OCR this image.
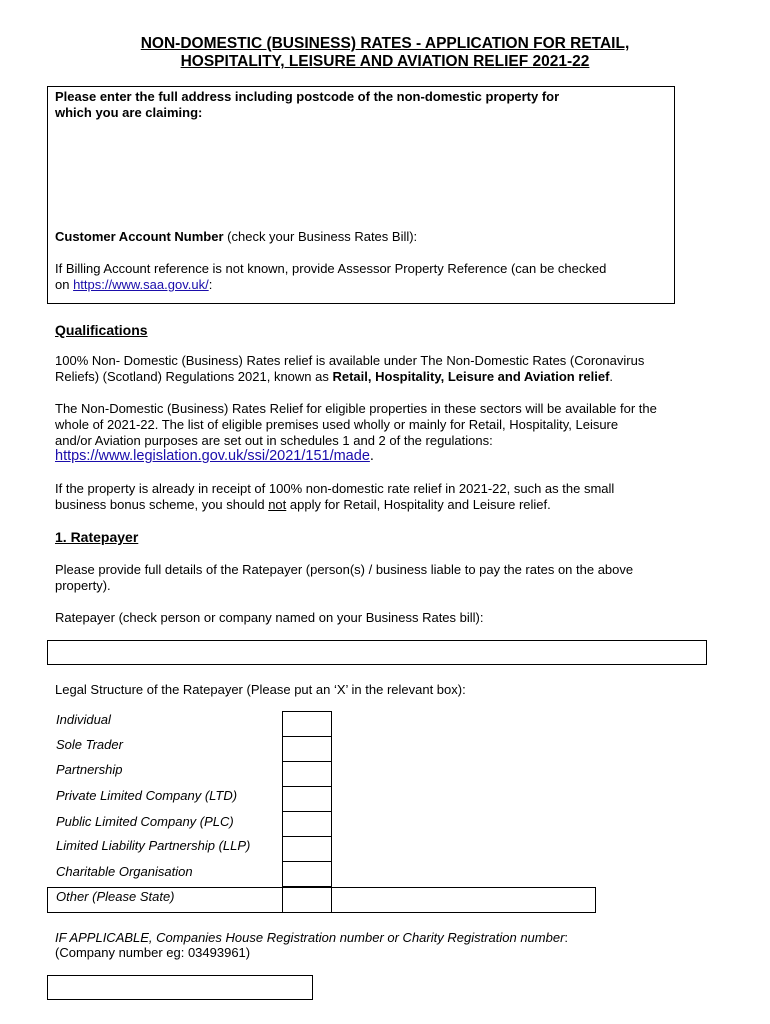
NON-DOMESTIC (BUSINESS) RATES - APPLICATION FOR RETAIL,
HOSPITALITY, LEISURE AND AVIATION RELIEF 2021-22
Please enter the full address including postcode of the non-domestic property for
which you are claiming:
Customer Account Number (check your Business Rates Bill):
If Billing Account reference is not known, provide Assessor Property Reference (can be checked
on https://www.saa.gov.uk/:
Qualifications
100% Non- Domestic (Business) Rates relief is available under The Non-Domestic Rates (Coronavirus
Reliefs) (Scotland) Regulations 2021, known as Retail, Hospitality, Leisure and Aviation relief.
The Non-Domestic (Business) Rates Relief for eligible properties in these sectors will be available for the
whole of 2021-22. The list of eligible premises used wholly or mainly for Retail, Hospitality, Leisure
and/or Aviation purposes are set out in schedules 1 and 2 of the regulations:
https://www.legislation.gov.uk/ssi/2021/151/made.
If the property is already in receipt of 100% non-domestic rate relief in 2021-22, such as the small
business bonus scheme, you should not apply for Retail, Hospitality and Leisure relief.
1. Ratepayer
Please provide full details of the Ratepayer (person(s) / business liable to pay the rates on the above
property).
Ratepayer (check person or company named on your Business Rates bill):
Legal Structure of the Ratepayer (Please put an ‘X’ in the relevant box):
Individual
Sole Trader
Partnership
Private Limited Company (LTD)
Public Limited Company (PLC)
Limited Liability Partnership (LLP)
Charitable Organisation
Other (Please State)
IF APPLICABLE, Companies House Registration number or Charity Registration number:
(Company number eg: 03493961)
